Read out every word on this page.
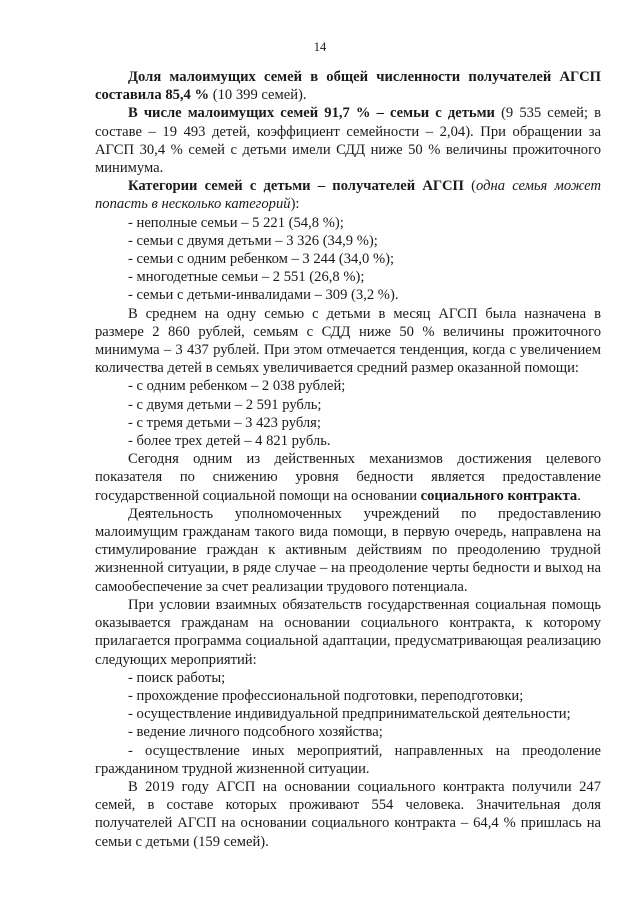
14

Доля малоимущих семей в общей численности получателей АГСП составила 85,4 % (10 399 семей).

В числе малоимущих семей 91,7 % – семьи с детьми (9 535 семей; в составе – 19 493 детей, коэффициент семейности – 2,04). При обращении за АГСП 30,4 % семей с детьми имели СДД ниже 50 % величины прожиточного минимума.

Категории семей с детьми – получателей АГСП (одна семья может попасть в несколько категорий):

- неполные семьи – 5 221 (54,8 %);

- семьи с двумя детьми – 3 326 (34,9 %);

- семьи с одним ребенком – 3 244 (34,0 %);

- многодетные семьи – 2 551 (26,8 %);

- семьи с детьми-инвалидами – 309 (3,2 %).

В среднем на одну семью с детьми в месяц АГСП была назначена в размере 2 860 рублей, семьям с СДД ниже 50 % величины прожиточного минимума – 3 437 рублей. При этом отмечается тенденция, когда с увеличением количества детей в семьях увеличивается средний размер оказанной помощи:

- с одним ребенком – 2 038 рублей;

- с двумя детьми – 2 591 рубль;

- с тремя детьми – 3 423 рубля;

- более трех детей – 4 821 рубль.

Сегодня одним из действенных механизмов достижения целевого показателя по снижению уровня бедности является предоставление государственной социальной помощи на основании социального контракта.

Деятельность уполномоченных учреждений по предоставлению малоимущим гражданам такого вида помощи, в первую очередь, направлена на стимулирование граждан к активным действиям по преодолению трудной жизненной ситуации, в ряде случае – на преодоление черты бедности и выход на самообеспечение за счет реализации трудового потенциала.

При условии взаимных обязательств государственная социальная помощь оказывается гражданам на основании социального контракта, к которому прилагается программа социальной адаптации, предусматривающая реализацию следующих мероприятий:

- поиск работы;

- прохождение профессиональной подготовки, переподготовки;

- осуществление индивидуальной предпринимательской деятельности;

- ведение личного подсобного хозяйства;

- осуществление иных мероприятий, направленных на преодоление гражданином трудной жизненной ситуации.

В 2019 году АГСП на основании социального контракта получили 247 семей, в составе которых проживают 554 человека. Значительная доля получателей АГСП на основании социального контракта – 64,4 % пришлась на семьи с детьми (159 семей).
